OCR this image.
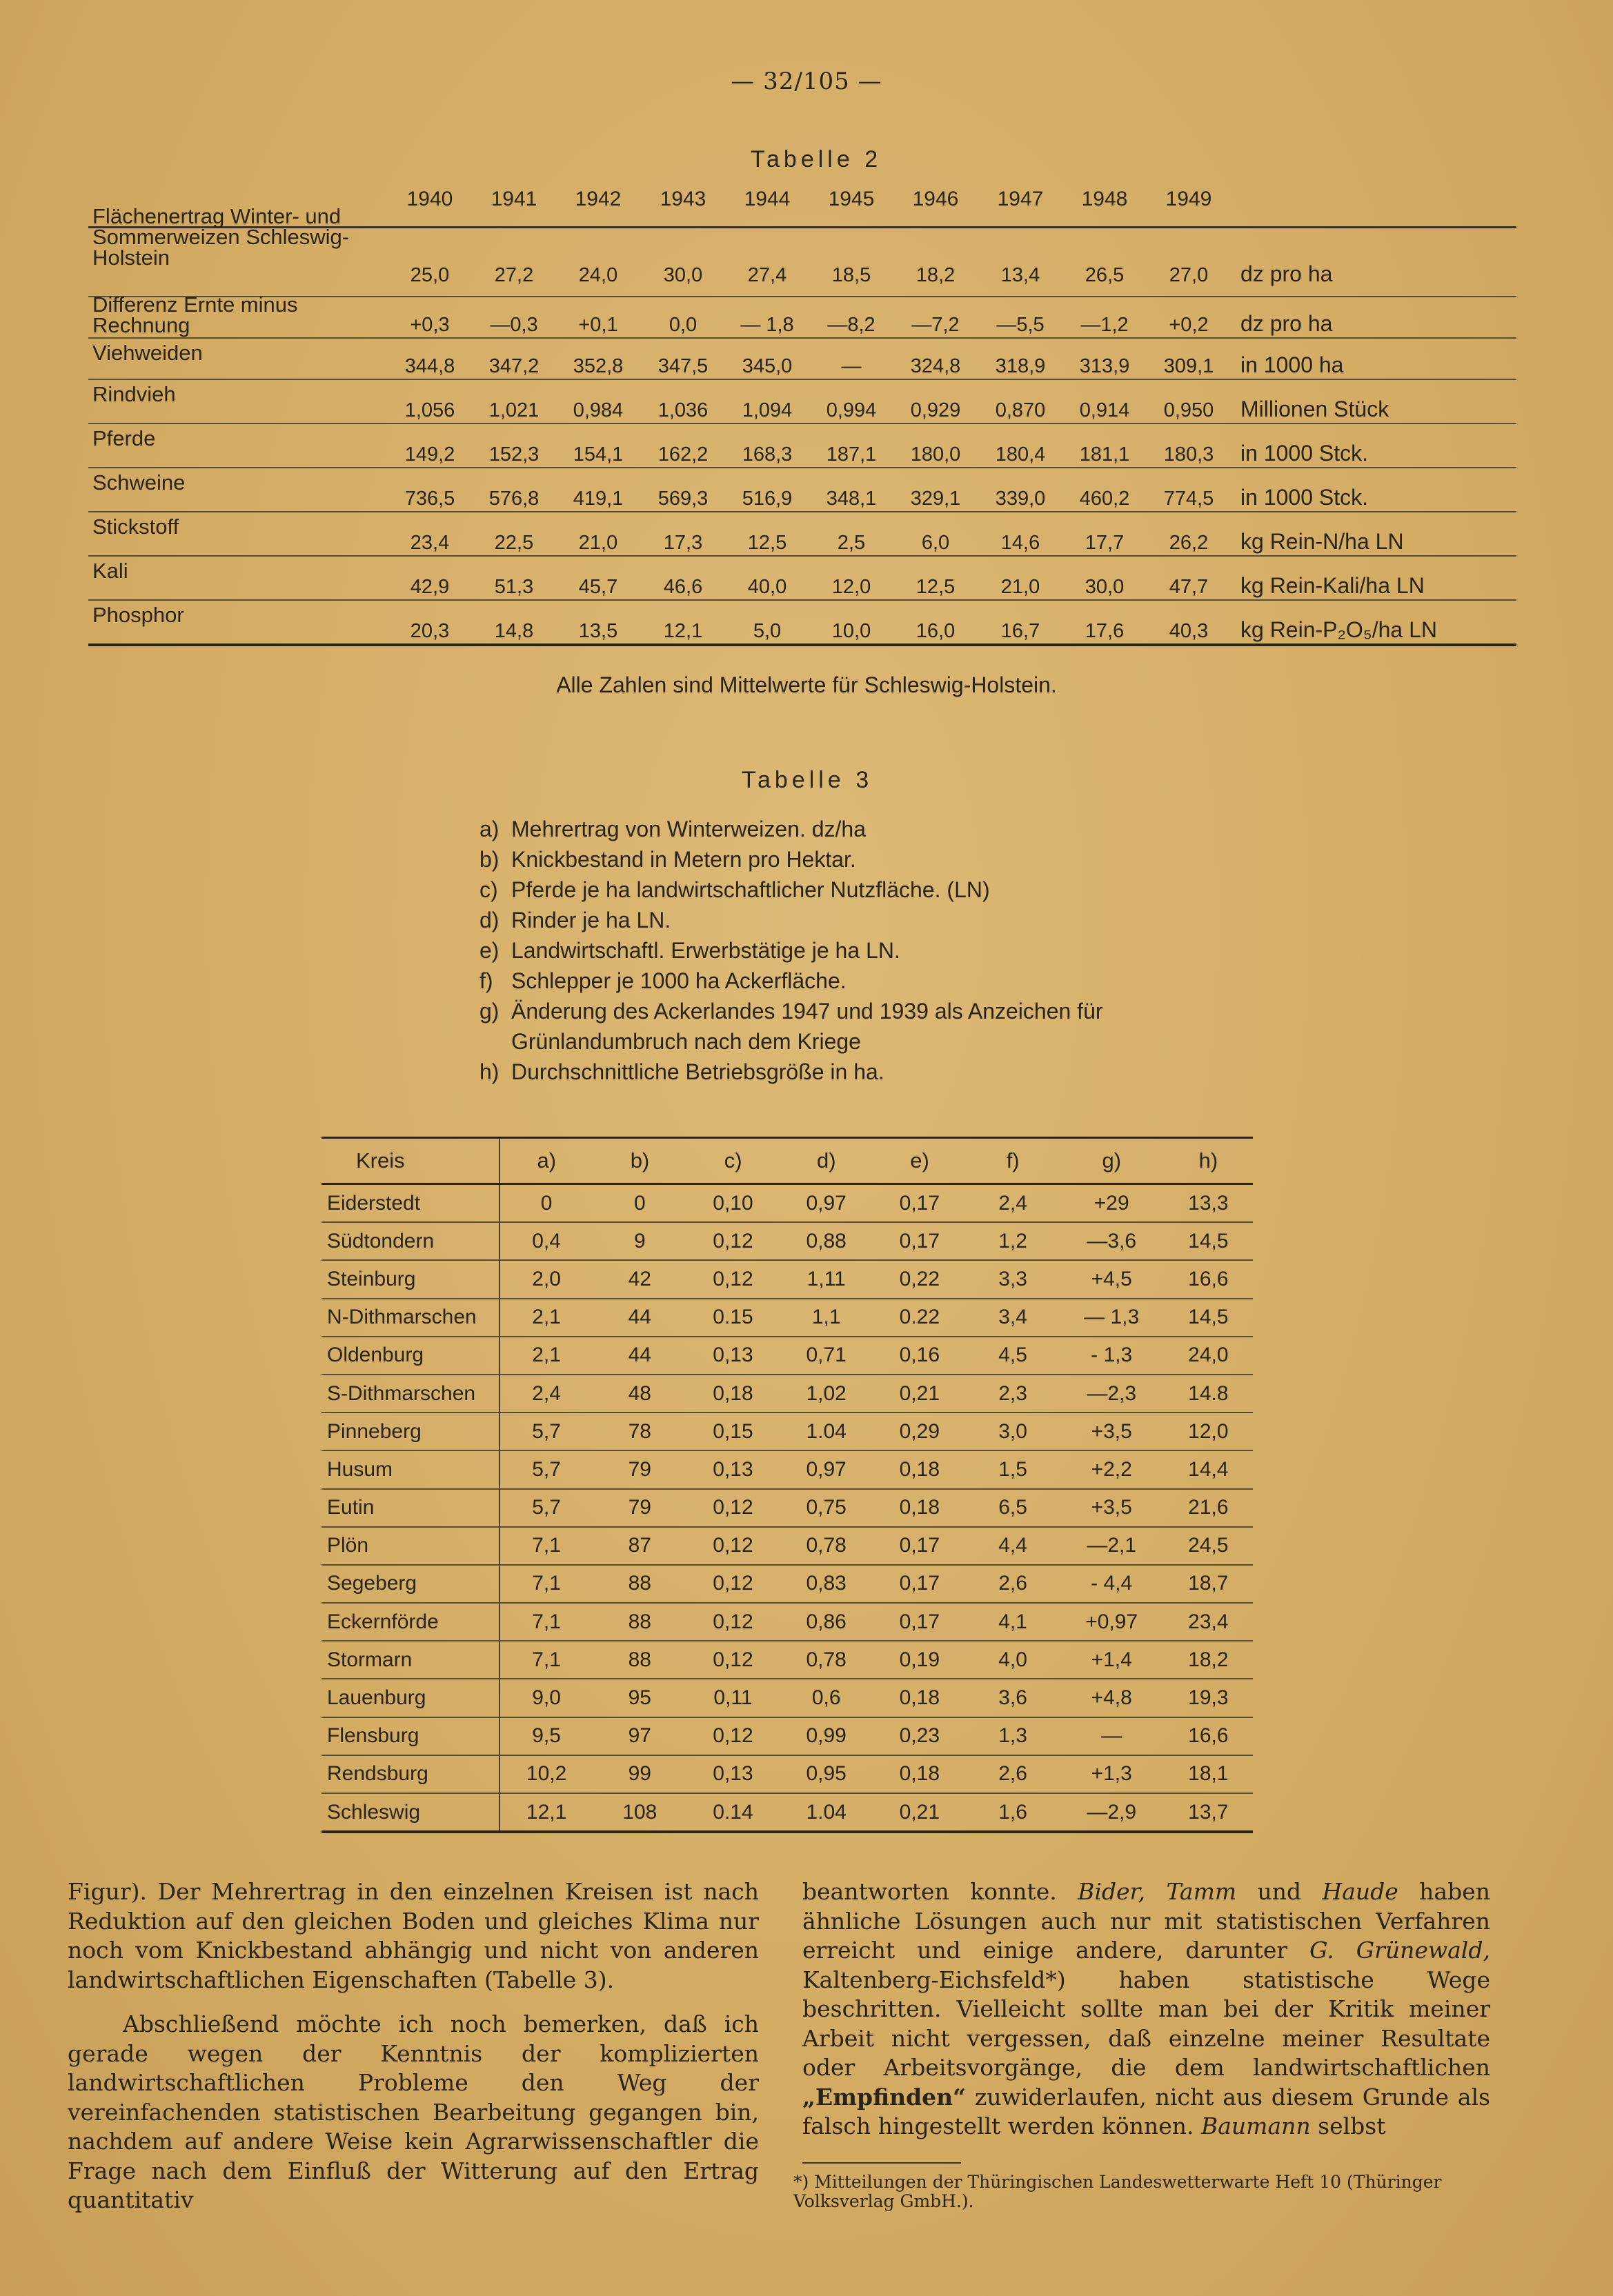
— 32/105 —
Tabelle 2
1940	1941	1942	1943	1944	1945	1946	1947	1948	1949
Flächenertrag Winter- und Sommerweizen Schleswig-Holstein
25,0	27,2	24,0	30,0	27,4	18,5	18,2	13,4	26,5	27,0	dz pro ha
Differenz Ernte minus Rechnung	+0,3	—0,3	+0,1	0,0	— 1,8	—8,2	—7,2	—5,5	—1,2	+0,2	dz pro ha
Viehweiden
344,8	347,2	352,8	347,5	345,0	—	324,8	318,9	313,9	309,1	in 1000 ha
Rindvieh
1,056	1,021	0,984	1,036	1,094	0,994	0,929	0,870	0,914	0,950	Millionen Stück
Pferde
149,2	152,3	154,1	162,2	168,3	187,1	180,0	180,4	181,1	180,3	in 1000 Stck.
Schweine
736,5	576,8	419,1	569,3	516,9	348,1	329,1	339,0	460,2	774,5	in 1000 Stck.
Stickstoff
23,4	22,5	21,0	17,3	12,5	2,5	6,0	14,6	17,7	26,2	kg Rein-N/ha LN
Kali
42,9	51,3	45,7	46,6	40,0	12,0	12,5	21,0	30,0	47,7	kg Rein-Kali/ha LN
Phosphor
20,3	14,8	13,5	12,1	5,0	10,0	16,0	16,7	17,6	40,3	kg Rein-P₂O₅/ha LN
Alle Zahlen sind Mittelwerte für Schleswig-Holstein.
Tabelle 3
a) Mehrertrag von Winterweizen. dz/ha
b) Knickbestand in Metern pro Hektar.
c) Pferde je ha landwirtschaftlicher Nutzfläche. (LN)
d) Rinder je ha LN.
e) Landwirtschaftl. Erwerbstätige je ha LN.
f) Schlepper je 1000 ha Ackerfläche.
g) Änderung des Ackerlandes 1947 und 1939 als Anzeichen für Grünlandumbruch nach dem Kriege
h) Durchschnittliche Betriebsgröße in ha.
Kreis	a)	b)	c)	d)	e)	f)	g)	h)
Eiderstedt	0	0	0,10	0,97	0,17	2,4	+29	13,3
Südtondern	0,4	9	0,12	0,88	0,17	1,2	—3,6	14,5
Steinburg	2,0	42	0,12	1,11	0,22	3,3	+4,5	16,6
N-Dithmarschen	2,1	44	0.15	1,1	0.22	3,4	— 1,3	14,5
Oldenburg	2,1	44	0,13	0,71	0,16	4,5	- 1,3	24,0
S-Dithmarschen	2,4	48	0,18	1,02	0,21	2,3	—2,3	14.8
Pinneberg	5,7	78	0,15	1.04	0,29	3,0	+3,5	12,0
Husum	5,7	79	0,13	0,97	0,18	1,5	+2,2	14,4
Eutin	5,7	79	0,12	0,75	0,18	6,5	+3,5	21,6
Plön	7,1	87	0,12	0,78	0,17	4,4	—2,1	24,5
Segeberg	7,1	88	0,12	0,83	0,17	2,6	- 4,4	18,7
Eckernförde	7,1	88	0,12	0,86	0,17	4,1	+0,97	23,4
Stormarn	7,1	88	0,12	0,78	0,19	4,0	+1,4	18,2
Lauenburg	9,0	95	0,11	0,6	0,18	3,6	+4,8	19,3
Flensburg	9,5	97	0,12	0,99	0,23	1,3	—	16,6
Rendsburg	10,2	99	0,13	0,95	0,18	2,6	+1,3	18,1
Schleswig	12,1	108	0.14	1.04	0,21	1,6	—2,9	13,7

Figur). Der Mehrertrag in den einzelnen Kreisen ist nach Reduktion auf den gleichen Boden und gleiches Klima nur noch vom Knickbestand abhängig und nicht von anderen landwirtschaftlichen Eigenschaften (Tabelle 3).

Abschließend möchte ich noch bemerken, daß ich gerade wegen der Kenntnis der komplizierten landwirtschaftlichen Probleme den Weg der vereinfachenden statistischen Bearbeitung gegangen bin, nachdem auf andere Weise kein Agrarwissenschaftler die Frage nach dem Einfluß der Witterung auf den Ertrag quantitativ

beantworten konnte. Bider, Tamm und Haude haben ähnliche Lösungen auch nur mit statistischen Verfahren erreicht und einige andere, darunter G. Grünewald, Kaltenberg-Eichsfeld*) haben statistische Wege beschritten. Vielleicht sollte man bei der Kritik meiner Arbeit nicht vergessen, daß einzelne meiner Resultate oder Arbeitsvorgänge, die dem landwirtschaftlichen „Empfinden“ zuwiderlaufen, nicht aus diesem Grunde als falsch hingestellt werden können. Baumann selbst

*) Mitteilungen der Thüringischen Landeswetterwarte Heft 10 (Thüringer Volksverlag GmbH.).
